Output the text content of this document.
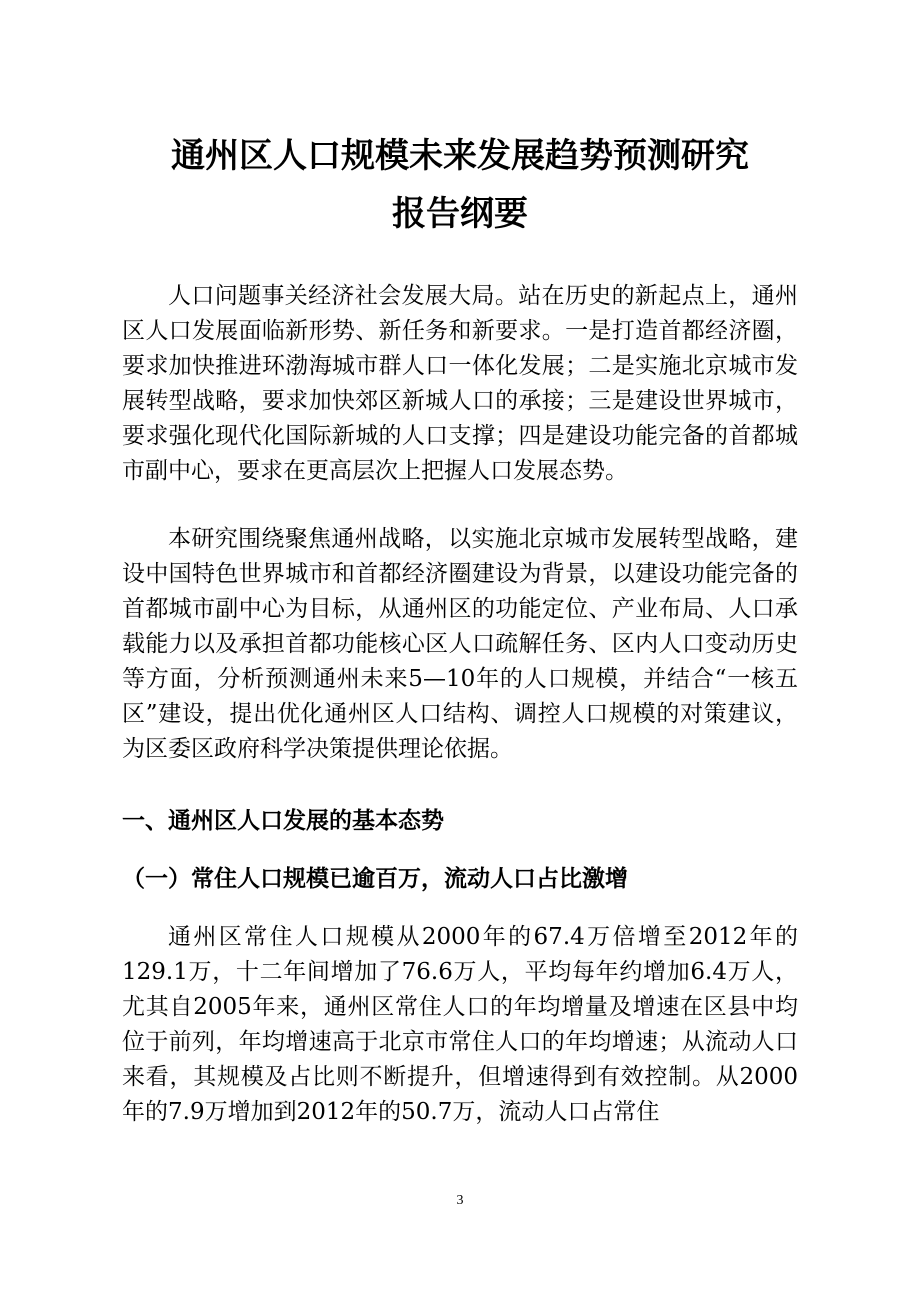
通州区人口规模未来发展趋势预测研究
报告纲要

人口问题事关经济社会发展大局。站在历史的新起点上，通州区人口发展面临新形势、新任务和新要求。一是打造首都经济圈，要求加快推进环渤海城市群人口一体化发展；二是实施北京城市发展转型战略，要求加快郊区新城人口的承接；三是建设世界城市，要求强化现代化国际新城的人口支撑；四是建设功能完备的首都城市副中心，要求在更高层次上把握人口发展态势。

本研究围绕聚焦通州战略，以实施北京城市发展转型战略，建设中国特色世界城市和首都经济圈建设为背景，以建设功能完备的首都城市副中心为目标，从通州区的功能定位、产业布局、人口承载能力以及承担首都功能核心区人口疏解任务、区内人口变动历史等方面，分析预测通州未来5—10年的人口规模，并结合“一核五区”建设，提出优化通州区人口结构、调控人口规模的对策建议，为区委区政府科学决策提供理论依据。

一、通州区人口发展的基本态势
（一）常住人口规模已逾百万，流动人口占比激增

通州区常住人口规模从2000年的67.4万倍增至2012年的129.1万，十二年间增加了76.6万人，平均每年约增加6.4万人，尤其自2005年来，通州区常住人口的年均增量及增速在区县中均位于前列，年均增速高于北京市常住人口的年均增速；从流动人口来看，其规模及占比则不断提升，但增速得到有效控制。从2000年的7.9万增加到2012年的50.7万，流动人口占常住

3
